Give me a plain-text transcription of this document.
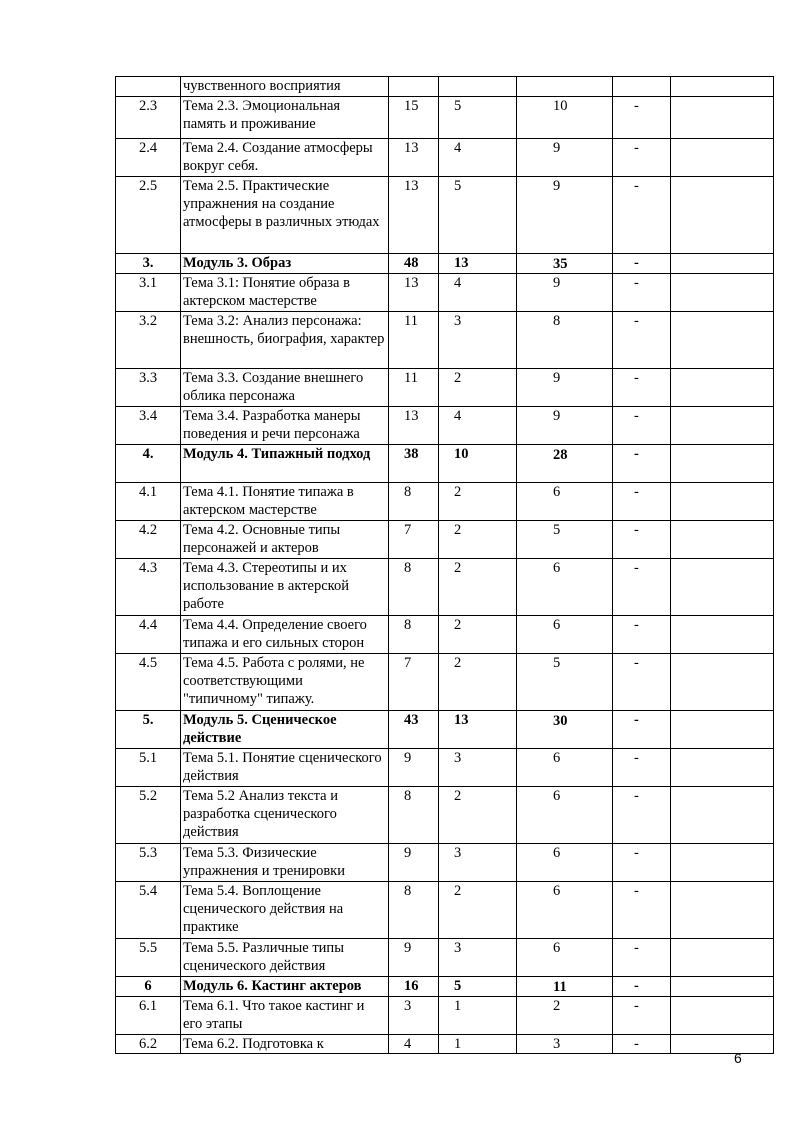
	чувственного восприятия					
2.3	Тема 2.3. Эмоциональная память и проживание	15	5	10	-	
2.4	Тема 2.4. Создание атмосферы вокруг себя.	13	4	9	-	
2.5	Тема 2.5. Практические упражнения на создание атмосферы в различных этюдах	13	5	9	-	
3.	Модуль 3. Образ	48	13	35	-	
3.1	Тема 3.1: Понятие образа в актерском мастерстве	13	4	9	-	
3.2	Тема 3.2: Анализ персонажа: внешность, биография, характер	11	3	8	-	
3.3	Тема 3.3. Создание внешнего облика персонажа	11	2	9	-	
3.4	Тема 3.4. Разработка манеры поведения и речи персонажа	13	4	9	-	
4.	Модуль 4. Типажный подход	38	10	28	-	
4.1	Тема 4.1. Понятие типажа в актерском мастерстве	8	2	6	-	
4.2	Тема 4.2. Основные типы персонажей и актеров	7	2	5	-	
4.3	Тема 4.3. Стереотипы и их использование в актерской работе	8	2	6	-	
4.4	Тема 4.4. Определение своего типажа и его сильных сторон	8	2	6	-	
4.5	Тема 4.5. Работа с ролями, не соответствующими "типичному" типажу.	7	2	5	-	
5.	Модуль 5. Сценическое действие	43	13	30	-	
5.1	Тема 5.1. Понятие сценического действия	9	3	6	-	
5.2	Тема 5.2 Анализ текста и разработка сценического действия	8	2	6	-	
5.3	Тема 5.3. Физические упражнения и тренировки	9	3	6	-	
5.4	Тема 5.4. Воплощение сценического действия на практике	8	2	6	-	
5.5	Тема 5.5. Различные типы сценического действия	9	3	6	-	
6	Модуль 6. Кастинг актеров	16	5	11	-	
6.1	Тема 6.1. Что такое кастинг и его этапы	3	1	2	-	
6.2	Тема 6.2. Подготовка к	4	1	3	-	
6
